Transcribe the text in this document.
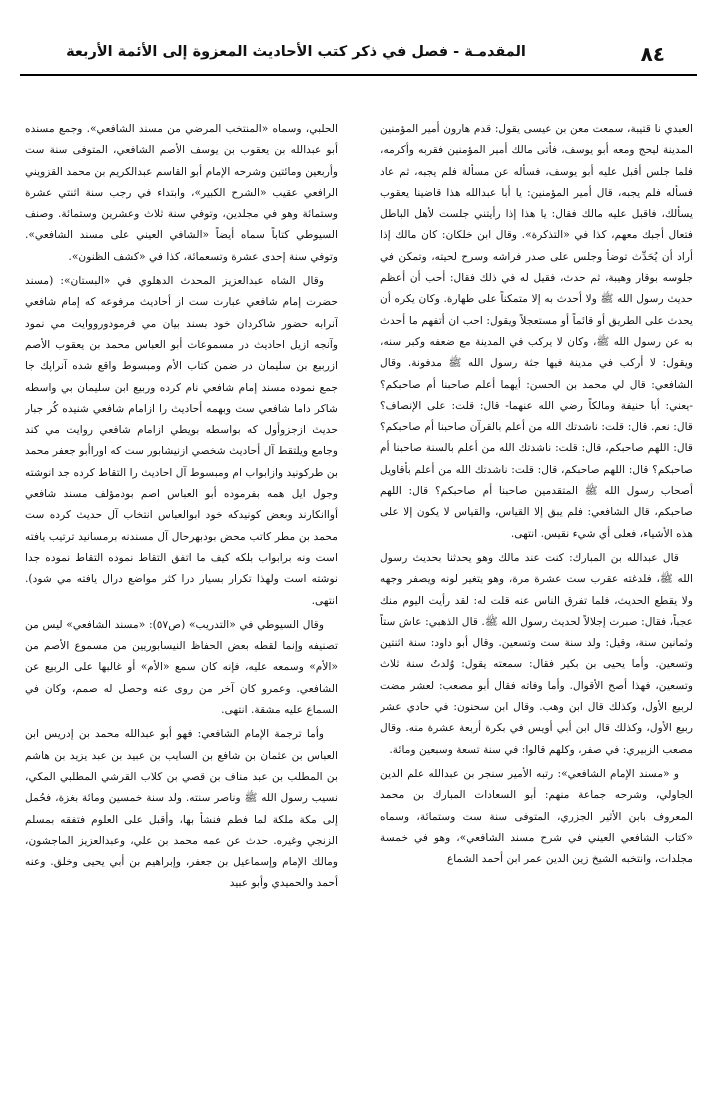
٨٤
المقدمـة - فصل في ذكر كتب الأحاديث المعزوة إلى الأئمة الأربعة

العبدي نا قتيبة، سمعت معن بن عيسى يقول: قدم هارون أمير المؤمنين المدينة ليحج ومعه أبو يوسف، فأتى مالك أمير المؤمنين فقربه وأكرمه، فلما جلس أقبل عليه أبو يوسف، فسأله عن مسألة فلم يجبه، ثم عاد فسأله فلم يجبه، قال أمير المؤمنين: يا أبا عبدالله هذا قاضينا يعقوب يسألك، فاقبل عليه مالك فقال: يا هذا إذا رأيتني جلست لأهل الباطل فتعال أجبك معهم، كذا في «التذكرة». وقال ابن خلكان: كان مالك إذا أراد أن يُحَدِّث توضأ وجلس على صدر فراشه وسرح لحيته، وتمكن في جلوسه بوقار وهيبة، ثم حدث، فقيل له في ذلك فقال: أحب أن أعظم حديث رسول الله ﷺ ولا أحدث به إلا متمكناً على طهارة. وكان يكره أن يحدث على الطريق أو قائماً أو مستعجلاً ويقول: احب ان أتفهم ما أحدث به عن رسول الله ﷺ، وكان لا يركب في المدينة مع ضعفه وكبر سنه، ويقول: لا أركب في مدينة فيها جثة رسول الله ﷺ مدفونة. وقال الشافعي: قال لي محمد بن الحسن: أيهما أعلم صاحبنا أم صاحبكم؟ -يعني: أبا حنيفة ومالكاً رضي الله عنهما- قال: قلت: على الإنصاف؟ قال: نعم. قال: قلت: ناشدتك الله من أعلم بالقرآن صاحبنا أم صاحبكم؟ قال: اللهم صاحبكم، قال: قلت: ناشدتك الله من أعلم بالسنة صاحبنا أم صاحبكم؟ قال: اللهم صاحبكم، قال: قلت: ناشدتك الله من أعلم بأقاويل أصحاب رسول الله ﷺ المتقدمين صاحبنا أم صاحبكم؟ قال: اللهم صاحبكم، قال الشافعي: فلم يبق إلا القياس، والقياس لا يكون إلا على هذه الأشياء، فعلى أي شيء نقيس. انتهى.

قال عبدالله بن المبارك: كنت عند مالك وهو يحدثنا بحديث رسول الله ﷺ، فلدغته عقرب ست عشرة مرة، وهو يتغير لونه ويصفر وجهه ولا يقطع الحديث، فلما تفرق الناس عنه قلت له: لقد رأيت اليوم منك عجباً، فقال: صبرت إجلالاً لحديث رسول الله ﷺ. قال الذهبي: عاش ستاً وثمانين سنة، وقيل: ولد سنة ست وتسعين. وقال أبو داود: سنة اثنتين وتسعين. وأما يحيى بن بكير فقال: سمعته يقول: وُلدتُ سنة ثلاث وتسعين، فهذا أصح الأقوال. وأما وفاته فقال أبو مصعب: لعشر مضت لربيع الأول، وكذلك قال ابن وهب. وقال ابن سحنون: في حادي عشر ربيع الأول، وكذلك قال ابن أبي أويس في بكرة أربعة عشرة منه. وقال مصعب الزبيري: في صفر، وكلهم قالوا: في سنة تسعة وسبعين ومائة.

و «مسند الإمام الشافعي»: رتبه الأمير سنجر بن عبدالله علم الدين الجاولي، وشرحه جماعة منهم: أبو السعادات المبارك بن محمد المعروف بابن الأثير الجزري، المتوفى سنة ست وستمائة، وسماه «كتاب الشافعي العيني في شرح مسند الشافعي»، وهو في خمسة مجلدات، وانتخبه الشيخ زين الدين عمر ابن أحمد الشماع

الحلبي، وسماه «المنتخب المرضي من مسند الشافعي». وجمع مسنده أبو عبدالله بن يعقوب بن يوسف الأصم الشافعي، المتوفى سنة ست وأربعين ومائتين وشرحه الإمام أبو القاسم عبدالكريم بن محمد القزويني الرافعي عقيب «الشرح الكبير»، وابتداء في رجب سنة اثنتي عشرة وستمائة وهو في مجلدين، وتوفي سنة ثلاث وعشرين وستمائة. وصنف السيوطي كتاباً سماه أيضاً «الشافي العيني على مسند الشافعي». وتوفي سنة إحدى عشرة وتسعمائة، كذا في «كشف الظنون».

وقال الشاه عبدالعزيز المحدث الدهلوي في «البستان»: (مسند حضرت إمام شافعي عبارت ست از أحاديث مرفوعه كه إمام شافعي آنرابه حضور شاكردان خود بسند بيان مي فرمودورووايت مي نمود وآنجه ازيل احاديث در مسموعات أبو العباس محمد بن يعقوب الأصم ازربيع بن سليمان در ضمن كتاب الأم ومبسوط واقع شده آنراپك جا جمع نموده مسند إمام شافعي نام كرده وربيع ابن سليمان بي واسطه شاكر داما شافعي ست وبهمه أحاديث را ازامام شافعي شنيده كُر جبار حديث ازجزوأول كه بواسطه بويطي ازامام شافعي روايت مي كند وجامع ويلتقط آل أحاديث شخصي ازنيشابور ست كه اوراأبو جعفر محمد بن طركونيد وازابواب ام ومبسوط آل احاديث را التقاط كرده جد انوشته وجول ايل همه بفرموده أبو العباس اصم بودمؤلف مسند شافعي أواانكارند وبعض كونيدكه خود ابوالعباس انتخاب آل حديث كرده ست محمد بن مطر كاتب محض بودبهرحال آل مسندنه برمسانيد ترتيب يافته است ونه برابواب بلكه كيف ما اتفق التقاط نموده التقاط نموده جدا نوشته است ولهذا تكرار بسيار درا كثر مواضع درال يافته مي شود). انتهى.

وقال السيوطي في «التدريب» (ص٥٧): «مسند الشافعي» ليس من تصنيفه وإنما لقطه بعض الحفاظ النيسابوريين من مسموع الأصم من «الأم» وسمعه عليه، فإنه كان سمع «الأم» أو غالبها على الربيع عن الشافعي. وعمرو كان آخر من روى عنه وحصل له صمم، وكان في السماع عليه مشقة. انتهى.

وأما ترجمة الإمام الشافعي: فهو أبو عبدالله محمد بن إدريس ابن العباس بن عثمان بن شافع بن السايب بن عبيد بن عبد يزيد بن هاشم بن المطلب بن عبد مناف بن قصي بن كلاب القرشي المطلبي المكي، نسيب رسول الله ﷺ وناصر سنته. ولد سنة خمسين ومائة بغزة، فحُمل إلى مكة ملكة لما فطم فنشأ بها، وأقبل على العلوم فتفقه بمسلم الزنجي وغيره. حدث عن عمه محمد بن علي، وعبدالعزيز الماجشون، ومالك الإمام وإسماعيل بن جعفر، وإبراهيم بن أبي يحيى وخلق. وعنه أحمد والحميدي وأبو عبيد
